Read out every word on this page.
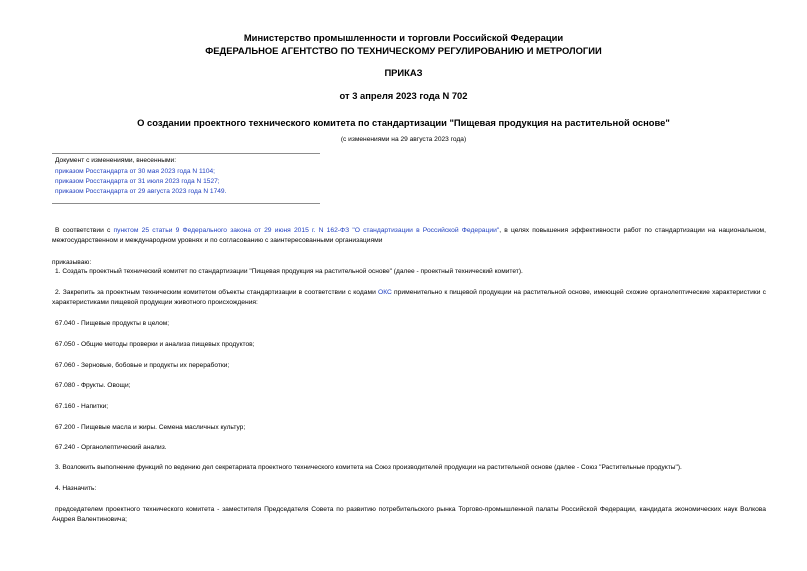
Министерство промышленности и торговли Российской Федерации
ФЕДЕРАЛЬНОЕ АГЕНТСТВО ПО ТЕХНИЧЕСКОМУ РЕГУЛИРОВАНИЮ И МЕТРОЛОГИИ
ПРИКАЗ
от 3 апреля 2023 года N 702
О создании проектного технического комитета по стандартизации "Пищевая продукция на растительной основе"
(с изменениями на 29 августа 2023 года)
Документ с изменениями, внесенными:
приказом Росстандарта от 30 мая 2023 года N 1104;
приказом Росстандарта от 31 июля 2023 года N 1527;
приказом Росстандарта от 29 августа 2023 года N 1749.
В соответствии с пунктом 25 статьи 9 Федерального закона от 29 июня 2015 г. N 162-ФЗ "О стандартизации в Российской Федерации", в целях повышения эффективности работ по стандартизации на национальном, межгосударственном и международном уровнях и по согласованию с заинтересованными организациями
приказываю:
1. Создать проектный технический комитет по стандартизации "Пищевая продукция на растительной основе" (далее - проектный технический комитет).
2. Закрепить за проектным техническим комитетом объекты стандартизации в соответствии с кодами ОКС применительно к пищевой продукции на растительной основе, имеющей схожие органолептические характеристики с характеристиками пищевой продукции животного происхождения:
67.040 - Пищевые продукты в целом;
67.050 - Общие методы проверки и анализа пищевых продуктов;
67.060 - Зерновые, бобовые и продукты их переработки;
67.080 - Фрукты. Овощи;
67.160 - Напитки;
67.200 - Пищевые масла и жиры. Семена масличных культур;
67.240 - Органолептический анализ.
3. Возложить выполнение функций по ведению дел секретариата проектного технического комитета на Союз производителей продукции на растительной основе (далее - Союз "Растительные продукты").
4. Назначить:
председателем проектного технического комитета - заместителя Председателя Совета по развитию потребительского рынка Торгово-промышленной палаты Российской Федерации, кандидата экономических наук Волкова Андрея Валентиновича;
